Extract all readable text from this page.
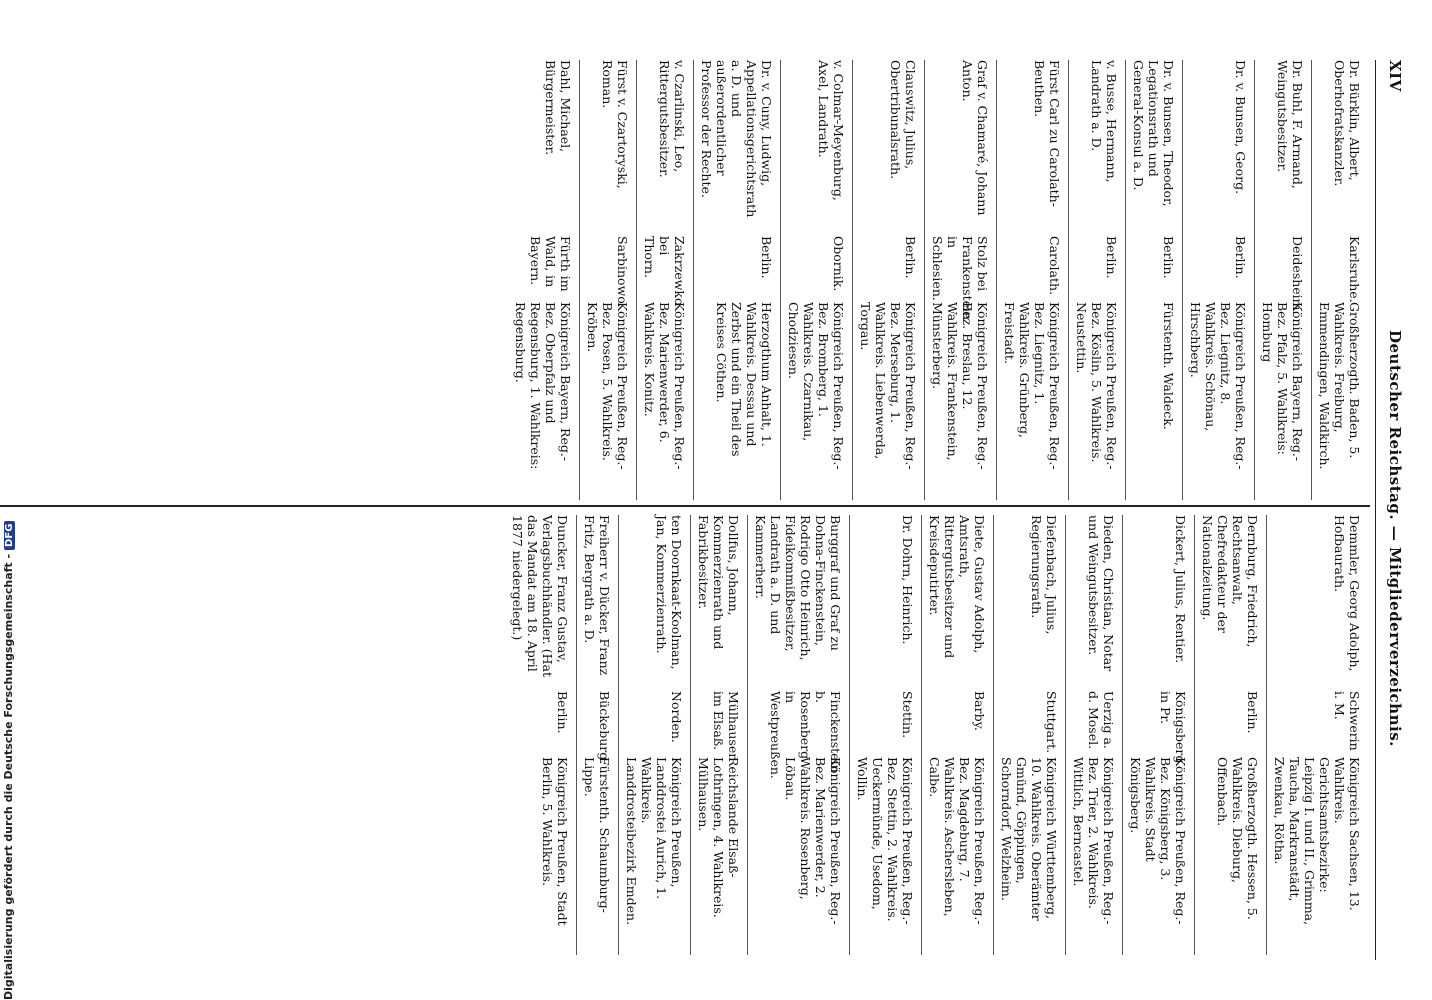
Digitalisierung gefördert durch die Deutsche Forschungsgemeinschaft -DFG
XIV
Deutscher Reichstag. — Mitgliederverzeichnis.
Dr. Bürklin, Albert, Oberhofratskanzler.
Karlsruhe.
Großherzogth. Baden, 5. Wahlkreis. Freiburg, Emmendingen, Waldkirch.
Dr. Buhl, F. Armand, Weingutsbesitzer.
Deidesheim.
Königreich Bayern, Reg.-Bez. Pfalz, 5. Wahlkreis: Homburg
Dr. v. Bunsen, Georg.
Berlin.
Königreich Preußen, Reg.-Bez. Liegnitz, 8. Wahlkreis. Schönau, Hirschberg.
Dr. v. Bunsen, Theodor, Legationsrath und General-Konsul a. D.
Berlin.
Fürstenth. Waldeck.
v. Busse, Hermann, Landrath a. D.
Berlin.
Königreich Preußen, Reg.-Bez. Köslin, 5. Wahlkreis. Neustettin.
Fürst Carl zu Carolath-Beuthen.
Carolath.
Königreich Preußen, Reg.-Bez. Liegnitz, 1. Wahlkreis. Grünberg, Freistadt.
Graf v. Chamaré, Johann Anton.
Stolz bei Frankenstein in Schlesien.
Königreich Preußen, Reg.-Bez. Breslau, 12. Wahlkreis. Frankenstein, Münsterberg.
Clauswitz, Julius, Obertribunalsrath.
Berlin.
Königreich Preußen, Reg.-Bez. Merseburg, 1. Wahlkreis. Liebenwerda, Torgau.
v. Colmar-Meyenburg, Axel, Landrath.
Obornik.
Königreich Preußen, Reg.-Bez. Bromberg, 1. Wahlkreis. Czarnikau, Chodziesen.
Dr. v. Cuny, Ludwig, Appellationsgerichtsrath a. D. und außerordentlicher Professor der Rechte.
Berlin.
Herzogthum Anhalt, 1. Wahlkreis. Dessau und Zerbst und ein Theil des Kreises Cöthen.
v. Czarlinski, Leo, Rittergutsbesitzer.
Zakrzewko bei Thorn.
Königreich Preußen, Reg.-Bez. Marienwerder, 6. Wahlkreis. Konitz.
Fürst v. Czartoryski, Roman.
Sarbinowo.
Königreich Preußen, Reg.-Bez. Posen, 5. Wahlkreis. Kröben.
Dahl, Michael, Bürgermeister.
Fürth im Wald, in Bayern.
Königreich Bayern, Reg.-Bez. Oberpfalz und Regensburg, 1. Wahlkreis: Regensburg.
Demmler, Georg Adolph, Hofbaurath.
Schwerin i. M.
Königreich Sachsen, 13. Wahlkreis. Gerichtsamtsbezirke: Leipzig I. und II., Grimma, Taucha, Markranstädt, Zwenkau, Rötha.
Dernburg, Friedrich, Rechtsanwalt, Chefredakteur der Nationalzeitung.
Berlin.
Großherzogth. Hessen, 5. Wahlkreis. Dieburg, Offenbach.
Dickert, Julius, Rentier.
Königsberg in Pr.
Königreich Preußen, Reg.-Bez. Königsberg, 3. Wahlkreis. Stadt Königsberg.
Dieden, Christian, Notar und Weingutsbesitzer.
Uerzig a. d. Mosel.
Königreich Preußen, Reg.-Bez. Trier, 2. Wahlkreis. Wittlich, Berncastel.
Diefenbach, Julius, Regierungsrath.
Stuttgart.
Königreich Württemberg, 10. Wahlkreis. Oberämter Gmünd, Göppingen, Schorndorf, Welzheim.
Diete, Gustav Adolph, Amtsrath, Rittergutsbesitzer und Kreisdeputirter.
Barby.
Königreich Preußen, Reg.-Bez. Magdeburg, 7. Wahlkreis. Aschersleben, Calbe.
Dr. Dohrn, Heinrich.
Stettin.
Königreich Preußen, Reg.-Bez. Stettin, 2. Wahlkreis. Ueckermünde, Usedom, Wollin.
Burggraf und Graf zu Dohna-Finckenstein, Rodrigo Otto Heinrich, Fideikommißbesitzer, Landrath a. D. und Kammerherr.
Finckenstein b. Rosenberg in Westpreußen.
Königreich Preußen, Reg.-Bez. Marienwerder, 2. Wahlkreis. Rosenberg, Löbau.
Dollfus, Johann, Kommerzienrath und Fabrikbesitzer.
Mülhausen im Elsaß.
Reichslande Elsaß-Lothringen, 4. Wahlkreis. Mülhausen.
ten Doornkaat-Koolman, Jan, Kommerzienrath.
Norden.
Königreich Preußen, Landdrostei Aurich, 1. Wahlkreis. Landdrosteibezirk Emden.
Freiherr v. Dücker, Franz Fritz, Bergrath a. D.
Bückeburg.
Fürstenth. Schaumburg-Lippe.
Duncker, Franz Gustav, Verlagsbuchhändler. (Hat das Mandat am 18. April 1877 niedergelegt.)
Berlin.
Königreich Preußen, Stadt Berlin, 5. Wahlkreis.
